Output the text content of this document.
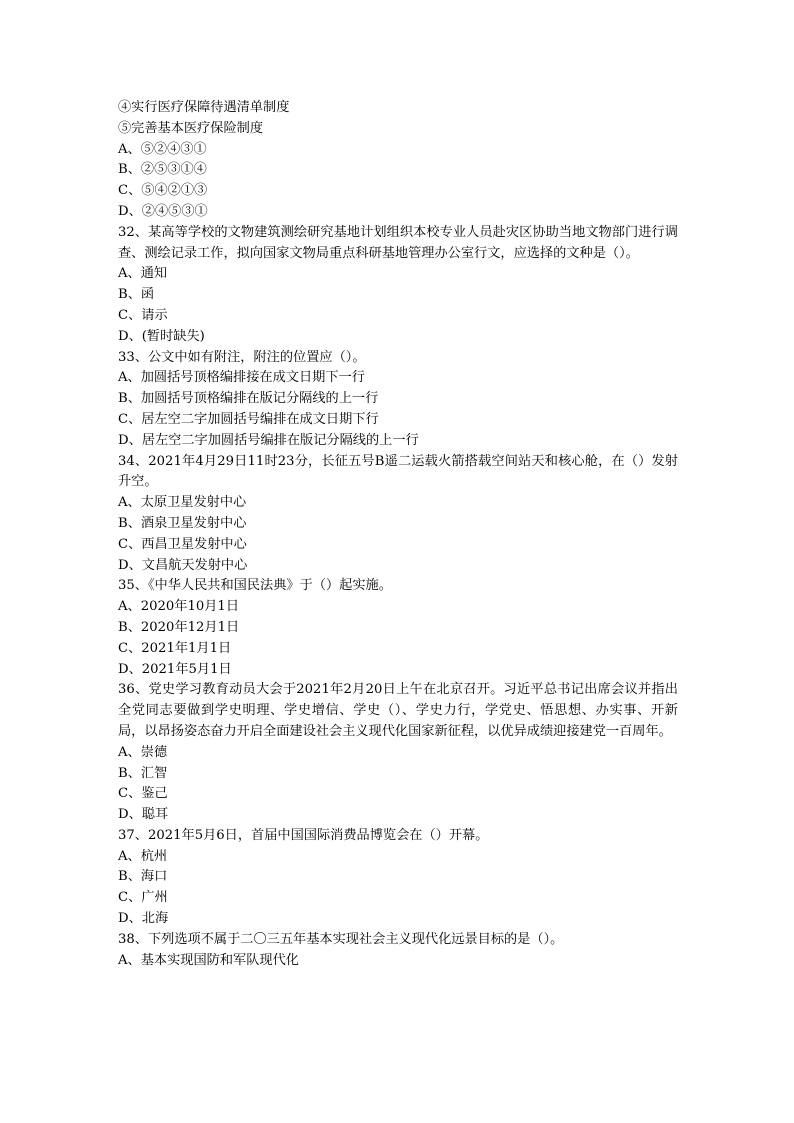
④实行医疗保障待遇清单制度
⑤完善基本医疗保险制度
A、⑤②④③①
B、②⑤③①④
C、⑤④②①③
D、②④⑤③①
32、某高等学校的文物建筑测绘研究基地计划组织本校专业人员赴灾区协助当地文物部门进行调查、测绘记录工作，拟向国家文物局重点科研基地管理办公室行文，应选择的文种是（）。
A、通知
B、函
C、请示
D、(暂时缺失)
33、公文中如有附注，附注的位置应（）。
A、加圆括号顶格编排接在成文日期下一行
B、加圆括号顶格编排在版记分隔线的上一行
C、居左空二字加圆括号编排在成文日期下行
D、居左空二字加圆括号编排在版记分隔线的上一行
34、2021年4月29日11时23分，长征五号B遥二运载火箭搭载空间站天和核心舱，在（）发射升空。
A、太原卫星发射中心
B、酒泉卫星发射中心
C、西昌卫星发射中心
D、文昌航天发射中心
35、《中华人民共和国民法典》于（）起实施。
A、2020年10月1日
B、2020年12月1日
C、2021年1月1日
D、2021年5月1日
36、党史学习教育动员大会于2021年2月20日上午在北京召开。习近平总书记出席会议并指出全党同志要做到学史明理、学史增信、学史（）、学史力行，学党史、悟思想、办实事、开新局，以昂扬姿态奋力开启全面建设社会主义现代化国家新征程，以优异成绩迎接建党一百周年。
A、崇德
B、汇智
C、鉴己
D、聪耳
37、2021年5月6日，首届中国国际消费品博览会在（）开幕。
A、杭州
B、海口
C、广州
D、北海
38、下列选项不属于二〇三五年基本实现社会主义现代化远景目标的是（）。
A、基本实现国防和军队现代化
